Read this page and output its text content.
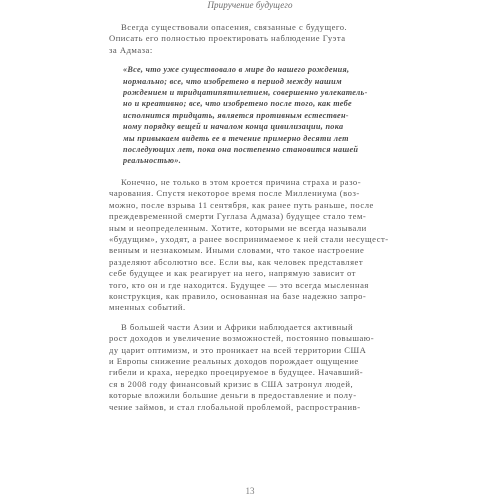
Приручение будущего
Всегда существовали опасения, связанные с будущего.
Описать его полностью проектировать наблюдение Гуэта
за Адмаза:
«Все, что уже существовало в мире до нашего рождения,
нормально; все, что изобретено в период между нашим
рождением и тридцатипятилетием, совершенно увлекатель-
но и креативно; все, что изобретено после того, как тебе
исполнится тридцать, является противным естествен-
ному порядку вещей и началом конца цивилизации, пока
мы привыкаем видеть ее в течение примерно десяти лет
последующих лет, пока она постепенно становится нашей
реальностью».
Конечно, не только в этом кроется причина страха и разо-
чарования. Спустя некоторое время после Миллениума (воз-
можно, после взрыва 11 сентября, как ранее путь раньше, после
преждевременной смерти Гуглаза Адмаза) будущее стало тем-
ным и неопределенным. Хотите, которыми не всегда называли
«будущим», уходят, а ранее воспринимаемое к ней стали несущест-
венным и незнакомым. Иными словами, что такое настроение
разделяют абсолютно все. Если вы, как человек представляет
себе будущее и как реагирует на него, напрямую зависит от
того, кто он и где находится. Будущее — это всегда мысленная
конструкция, как правило, основанная на базе надежно запро-
мненных событий.
В большей части Азии и Африки наблюдается активный
рост доходов и увеличение возможностей, постоянно повышаю-
ду царит оптимизм, и это проникает на всей территории США
и Европы снижение реальных доходов порождает ощущение
гибели и краха, нередко проецируемое в будущее. Начавший-
ся в 2008 году финансовый кризис в США затронул людей,
которые вложили большие деньги в предоставление и полу-
чение займов, и стал глобальной проблемой, распространив-
13
